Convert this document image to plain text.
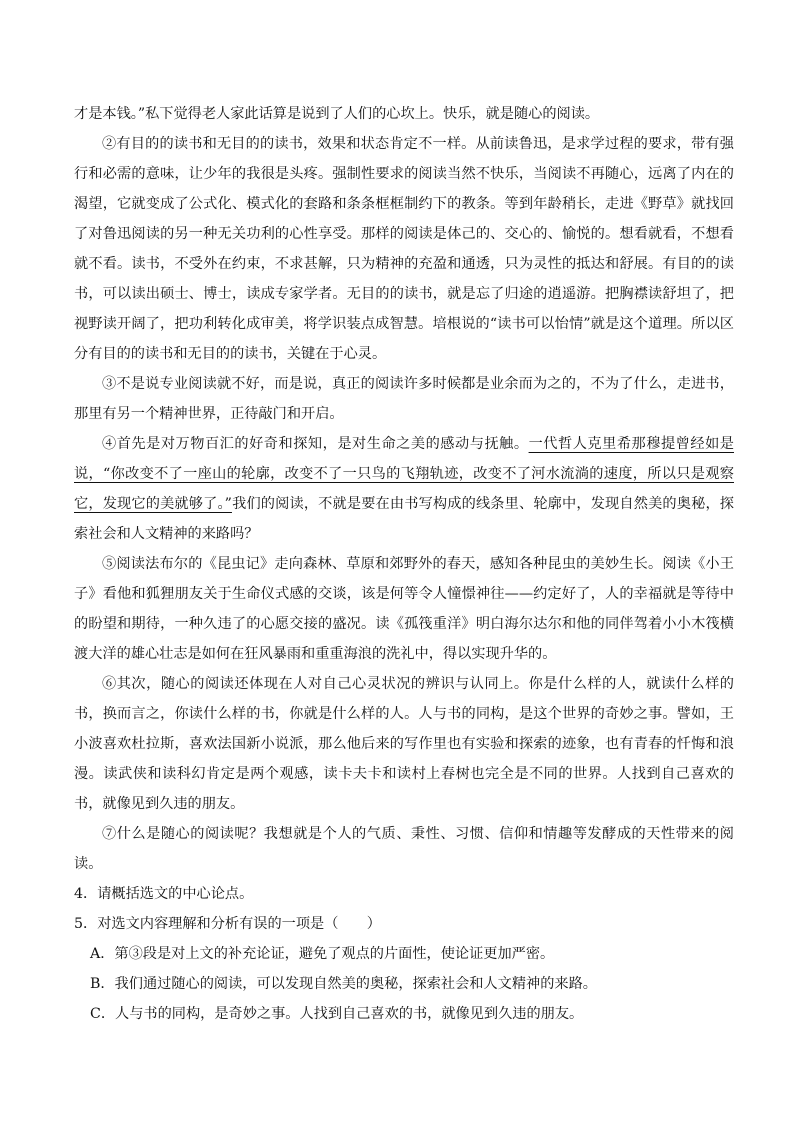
才是本钱。”私下觉得老人家此话算是说到了人们的心坎上。快乐，就是随心的阅读。

②有目的的读书和无目的的读书，效果和状态肯定不一样。从前读鲁迅，是求学过程的要求，带有强行和必需的意味，让少年的我很是头疼。强制性要求的阅读当然不快乐，当阅读不再随心，远离了内在的渴望，它就变成了公式化、模式化的套路和条条框框制约下的教条。等到年龄稍长，走进《野草》就找回了对鲁迅阅读的另一种无关功利的心性享受。那样的阅读是体己的、交心的、愉悦的。想看就看，不想看就不看。读书，不受外在约束，不求甚解，只为精神的充盈和通透，只为灵性的抵达和舒展。有目的的读书，可以读出硕士、博士，读成专家学者。无目的的读书，就是忘了归途的逍遥游。把胸襟读舒坦了，把视野读开阔了，把功利转化成审美，将学识装点成智慧。培根说的“读书可以怡情”就是这个道理。所以区分有目的的读书和无目的的读书，关键在于心灵。

③不是说专业阅读就不好，而是说，真正的阅读许多时候都是业余而为之的，不为了什么，走进书，那里有另一个精神世界，正待敲门和开启。

④首先是对万物百汇的好奇和探知，是对生命之美的感动与抚触。一代哲人克里希那穆提曾经如是说，“你改变不了一座山的轮廓，改变不了一只鸟的飞翔轨迹，改变不了河水流淌的速度，所以只是观察它，发现它的美就够了。”我们的阅读，不就是要在由书写构成的线条里、轮廓中，发现自然美的奥秘，探索社会和人文精神的来路吗？

⑤阅读法布尔的《昆虫记》走向森林、草原和郊野外的春天，感知各种昆虫的美妙生长。阅读《小王子》看他和狐狸朋友关于生命仪式感的交谈，该是何等令人憧憬神往——约定好了，人的幸福就是等待中的盼望和期待，一种久违了的心愿交接的盛况。读《孤筏重洋》明白海尔达尔和他的同伴驾着小小木筏横渡大洋的雄心壮志是如何在狂风暴雨和重重海浪的洗礼中，得以实现升华的。

⑥其次，随心的阅读还体现在人对自己心灵状况的辨识与认同上。你是什么样的人，就读什么样的书，换而言之，你读什么样的书，你就是什么样的人。人与书的同构，是这个世界的奇妙之事。譬如，王小波喜欢杜拉斯，喜欢法国新小说派，那么他后来的写作里也有实验和探索的迹象，也有青春的忏悔和浪漫。读武侠和读科幻肯定是两个观感，读卡夫卡和读村上春树也完全是不同的世界。人找到自己喜欢的书，就像见到久违的朋友。

⑦什么是随心的阅读呢？我想就是个人的气质、秉性、习惯、信仰和情趣等发酵成的天性带来的阅读。

4．请概括选文的中心论点。

5．对选文内容理解和分析有误的一项是（　　）

A．第③段是对上文的补充论证，避免了观点的片面性，使论证更加严密。

B．我们通过随心的阅读，可以发现自然美的奥秘，探索社会和人文精神的来路。

C．人与书的同构，是奇妙之事。人找到自己喜欢的书，就像见到久违的朋友。
